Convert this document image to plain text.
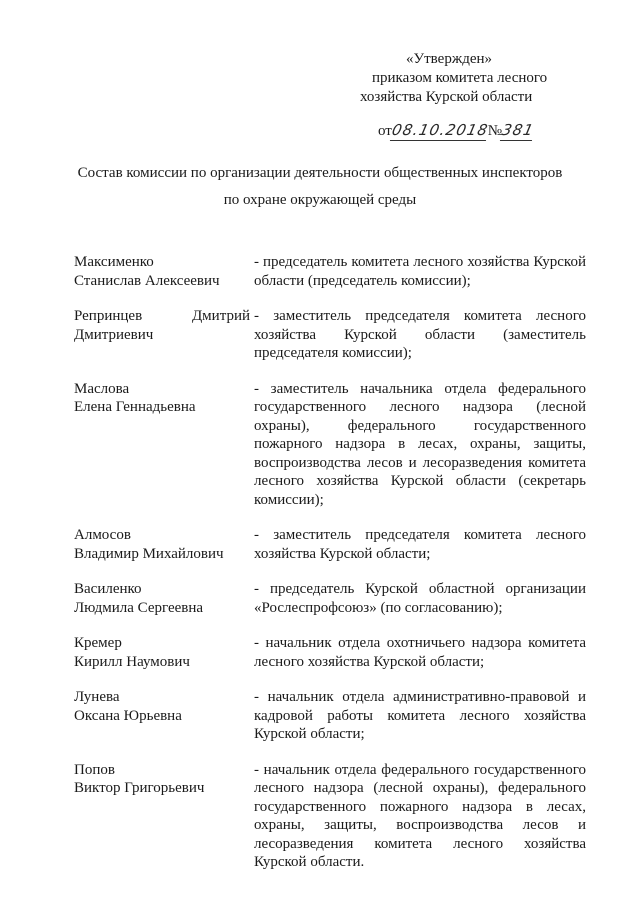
«Утвержден»
приказом комитета лесного
хозяйства Курской области
от08.10.2018№381
Состав комиссии по организации деятельности общественных инспекторов
по охране окружающей среды
Максименко
Станислав Алексеевич
- председатель комитета лесного хозяйства Курской области (председатель комиссии);
Репринцев Дмитрий
Дмитриевич
- заместитель председателя комитета лесного хозяйства Курской области (заместитель председателя комиссии);
Маслова
Елена Геннадьевна
- заместитель начальника отдела федерального государственного лесного надзора (лесной охраны), федерального государственного пожарного надзора в лесах, охраны, защиты, воспроизводства лесов и лесоразведения комитета лесного хозяйства Курской области (секретарь комиссии);
Алмосов
Владимир Михайлович
- заместитель председателя комитета лесного хозяйства Курской области;
Василенко
Людмила Сергеевна
- председатель Курской областной организации «Рослеспрофсоюз» (по согласованию);
Кремер
Кирилл Наумович
- начальник отдела охотничьего надзора комитета лесного хозяйства Курской области;
Лунева
Оксана Юрьевна
- начальник отдела административно-правовой и кадровой работы комитета лесного хозяйства Курской области;
Попов
Виктор Григорьевич
- начальник отдела федерального государственного лесного надзора (лесной охраны), федерального государственного пожарного надзора в лесах, охраны, защиты, воспроизводства лесов и лесоразведения комитета лесного хозяйства Курской области.
